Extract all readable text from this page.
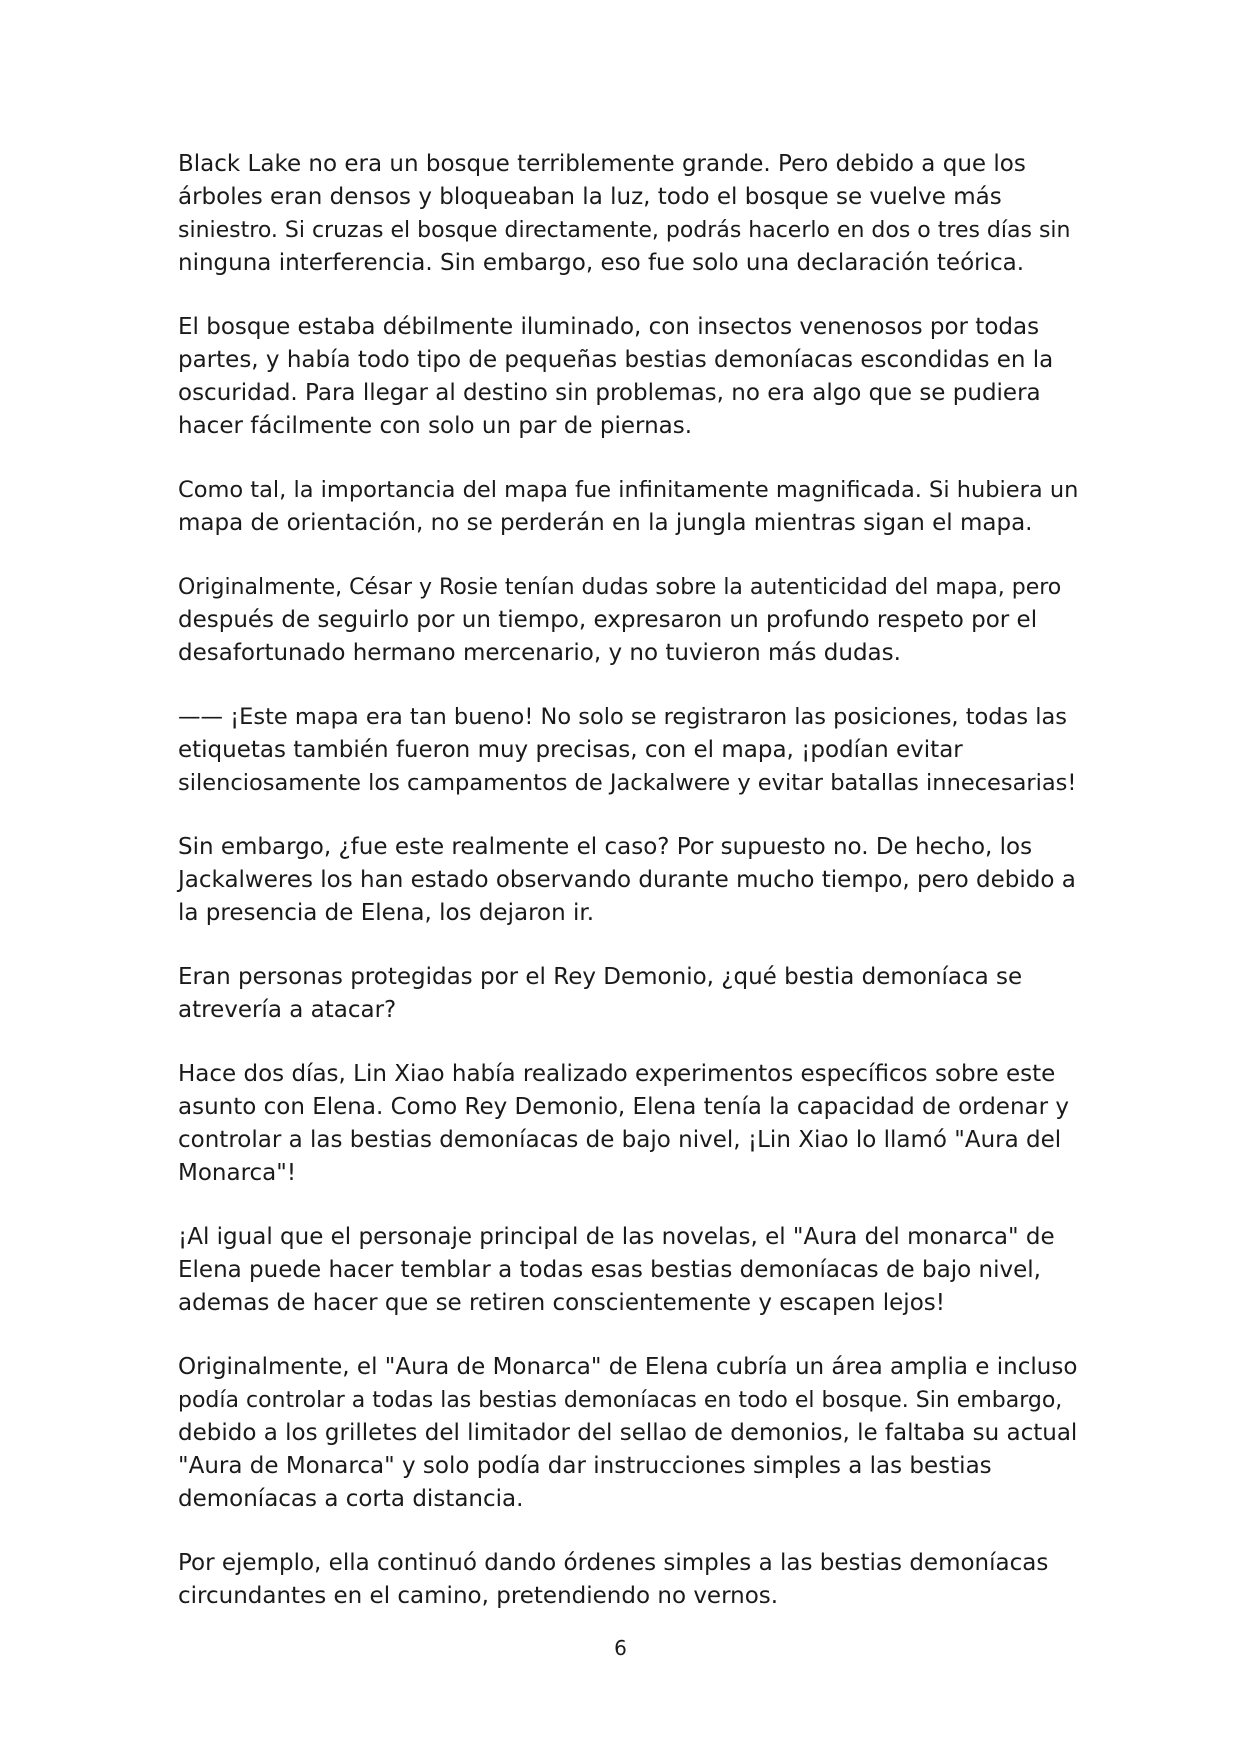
Black Lake no era un bosque terriblemente grande. Pero debido a que los
árboles eran densos y bloqueaban la luz, todo el bosque se vuelve más
siniestro. Si cruzas el bosque directamente, podrás hacerlo en dos o tres días sin
ninguna interferencia. Sin embargo, eso fue solo una declaración teórica.

El bosque estaba débilmente iluminado, con insectos venenosos por todas
partes, y había todo tipo de pequeñas bestias demoníacas escondidas en la
oscuridad. Para llegar al destino sin problemas, no era algo que se pudiera
hacer fácilmente con solo un par de piernas.

Como tal, la importancia del mapa fue infinitamente magnificada. Si hubiera un
mapa de orientación, no se perderán en la jungla mientras sigan el mapa.

Originalmente, César y Rosie tenían dudas sobre la autenticidad del mapa, pero
después de seguirlo por un tiempo, expresaron un profundo respeto por el
desafortunado hermano mercenario, y no tuvieron más dudas.

—— ¡Este mapa era tan bueno! No solo se registraron las posiciones, todas las
etiquetas también fueron muy precisas, con el mapa, ¡podían evitar
silenciosamente los campamentos de Jackalwere y evitar batallas innecesarias!

Sin embargo, ¿fue este realmente el caso? Por supuesto no. De hecho, los
Jackalweres los han estado observando durante mucho tiempo, pero debido a
la presencia de Elena, los dejaron ir.

Eran personas protegidas por el Rey Demonio, ¿qué bestia demoníaca se
atrevería a atacar?

Hace dos días, Lin Xiao había realizado experimentos específicos sobre este
asunto con Elena. Como Rey Demonio, Elena tenía la capacidad de ordenar y
controlar a las bestias demoníacas de bajo nivel, ¡Lin Xiao lo llamó "Aura del
Monarca"!

¡Al igual que el personaje principal de las novelas, el "Aura del monarca" de
Elena puede hacer temblar a todas esas bestias demoníacas de bajo nivel,
ademas de hacer que se retiren conscientemente y escapen lejos!

Originalmente, el "Aura de Monarca" de Elena cubría un área amplia e incluso
podía controlar a todas las bestias demoníacas en todo el bosque. Sin embargo,
debido a los grilletes del limitador del sellao de demonios, le faltaba su actual
"Aura de Monarca" y solo podía dar instrucciones simples a las bestias
demoníacas a corta distancia.

Por ejemplo, ella continuó dando órdenes simples a las bestias demoníacas
circundantes en el camino, pretendiendo no vernos.

6
